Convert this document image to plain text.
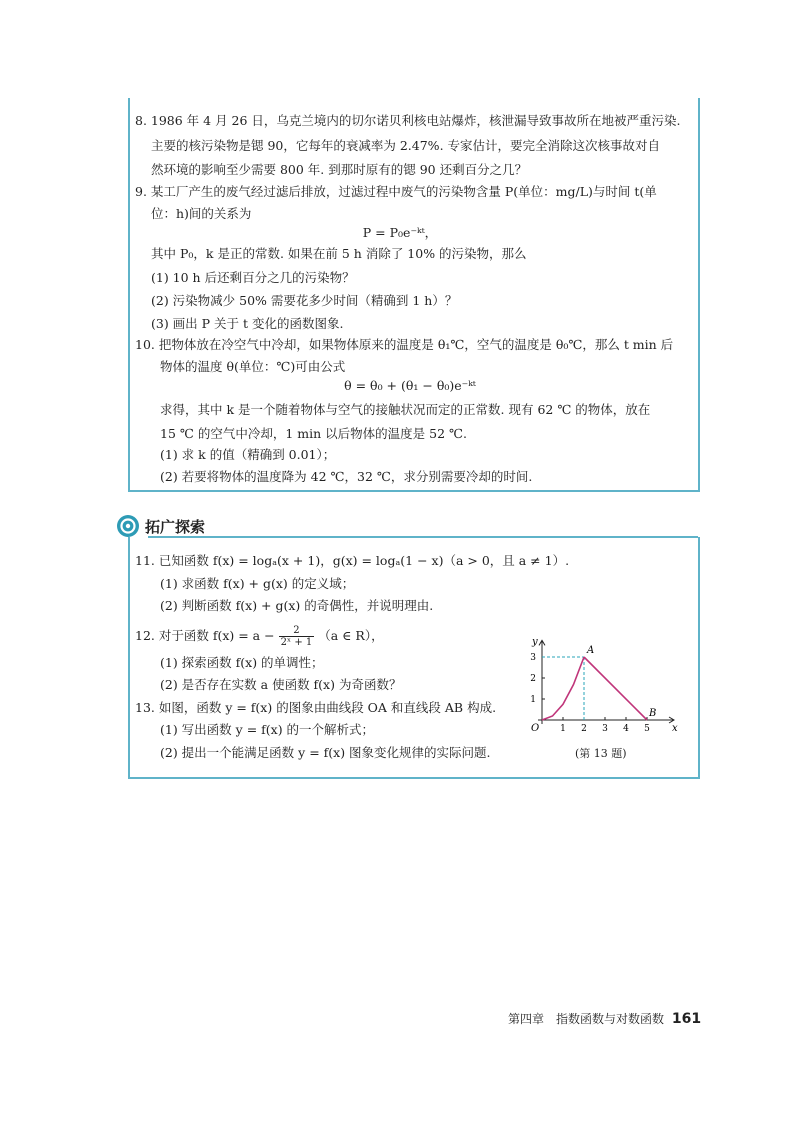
8. 1986 年 4 月 26 日，乌克兰境内的切尔诺贝利核电站爆炸，核泄漏导致事故所在地被严重污染.
主要的核污染物是锶 90，它每年的衰减率为 2.47%. 专家估计，要完全消除这次核事故对自
然环境的影响至少需要 800 年. 到那时原有的锶 90 还剩百分之几？
9. 某工厂产生的废气经过滤后排放，过滤过程中废气的污染物含量 P(单位：mg/L)与时间 t(单
位：h)间的关系为
P = P₀e⁻ᵏᵗ，
其中 P₀，k 是正的常数. 如果在前 5 h 消除了 10% 的污染物，那么
(1) 10 h 后还剩百分之几的污染物？
(2) 污染物减少 50% 需要花多少时间（精确到 1 h）？
(3) 画出 P 关于 t 变化的函数图象.
10. 把物体放在冷空气中冷却，如果物体原来的温度是 θ₁℃，空气的温度是 θ₀℃，那么 t min 后
物体的温度 θ(单位：℃)可由公式
θ = θ₀ + (θ₁ − θ₀)e⁻ᵏᵗ
求得，其中 k 是一个随着物体与空气的接触状况而定的正常数. 现有 62 ℃ 的物体，放在
15 ℃ 的空气中冷却，1 min 以后物体的温度是 52 ℃.
(1) 求 k 的值（精确到 0.01）；
(2) 若要将物体的温度降为 42 ℃，32 ℃，求分别需要冷却的时间.
拓广探索
11. 已知函数 f(x) = logₐ(x + 1)，g(x) = logₐ(1 − x)（a > 0，且 a ≠ 1）.
(1) 求函数 f(x) + g(x) 的定义域；
(2) 判断函数 f(x) + g(x) 的奇偶性，并说明理由.
12. 对于函数 $f(x) = a - \frac{2}{\text{2ˣ + 1}} (a$ ∈ R），
(1) 探索函数 f(x) 的单调性；
(2) 是否存在实数 a 使函数 f(x) 为奇函数？
13. 如图，函数 y = f(x) 的图象由曲线段 OA 和直线段 AB 构成.
(1) 写出函数 y = f(x) 的一个解析式；
(2) 提出一个能满足函数 y = f(x) 图象变化规律的实际问题.
1 2 3 4 5
1
2
3
x
y
O
A
B
(第 13 题)
第四章　指数函数与对数函数 161
